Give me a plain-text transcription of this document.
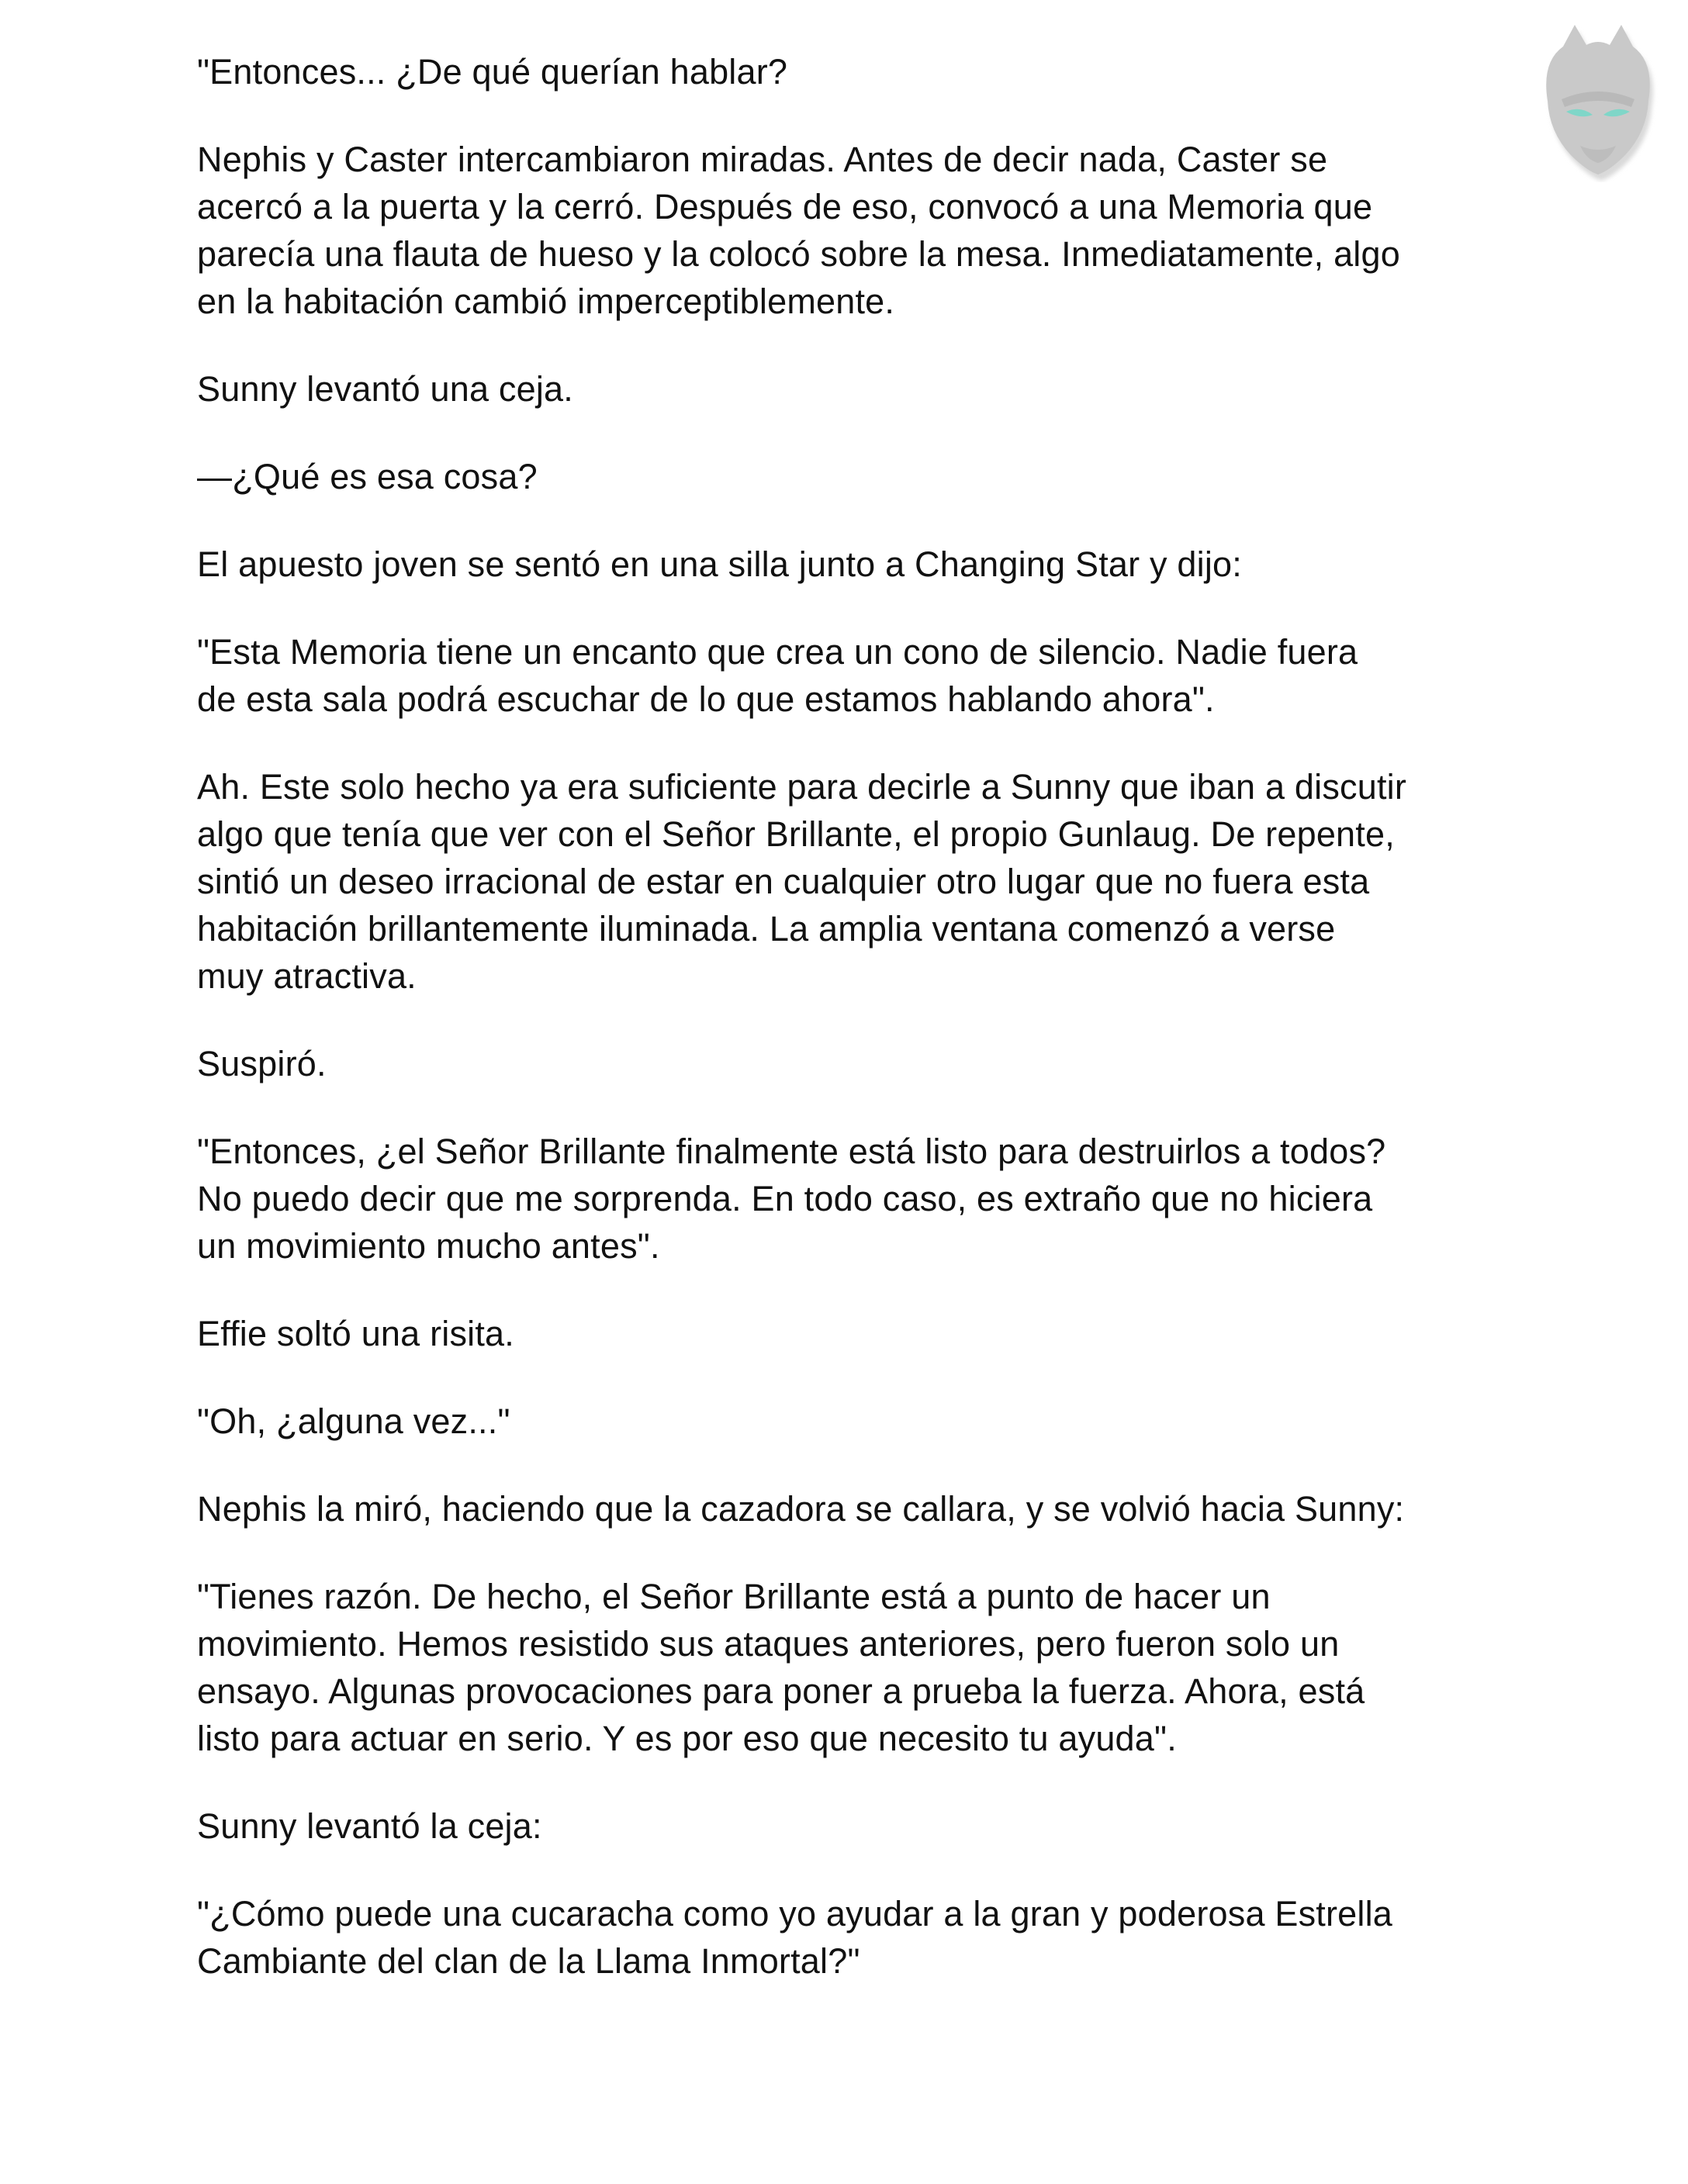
"Entonces... ¿De qué querían hablar?

Nephis y Caster intercambiaron miradas. Antes de decir nada, Caster se
acercó a la puerta y la cerró. Después de eso, convocó a una Memoria que
parecía una flauta de hueso y la colocó sobre la mesa. Inmediatamente, algo
en la habitación cambió imperceptiblemente.

Sunny levantó una ceja.

—¿Qué es esa cosa?

El apuesto joven se sentó en una silla junto a Changing Star y dijo:

"Esta Memoria tiene un encanto que crea un cono de silencio. Nadie fuera
de esta sala podrá escuchar de lo que estamos hablando ahora".

Ah. Este solo hecho ya era suficiente para decirle a Sunny que iban a discutir
algo que tenía que ver con el Señor Brillante, el propio Gunlaug. De repente,
sintió un deseo irracional de estar en cualquier otro lugar que no fuera esta
habitación brillantemente iluminada. La amplia ventana comenzó a verse
muy atractiva.

Suspiró.

"Entonces, ¿el Señor Brillante finalmente está listo para destruirlos a todos?
No puedo decir que me sorprenda. En todo caso, es extraño que no hiciera
un movimiento mucho antes".

Effie soltó una risita.

"Oh, ¿alguna vez..."

Nephis la miró, haciendo que la cazadora se callara, y se volvió hacia Sunny:

"Tienes razón. De hecho, el Señor Brillante está a punto de hacer un
movimiento. Hemos resistido sus ataques anteriores, pero fueron solo un
ensayo. Algunas provocaciones para poner a prueba la fuerza. Ahora, está
listo para actuar en serio. Y es por eso que necesito tu ayuda".

Sunny levantó la ceja:

"¿Cómo puede una cucaracha como yo ayudar a la gran y poderosa Estrella
Cambiante del clan de la Llama Inmortal?"
